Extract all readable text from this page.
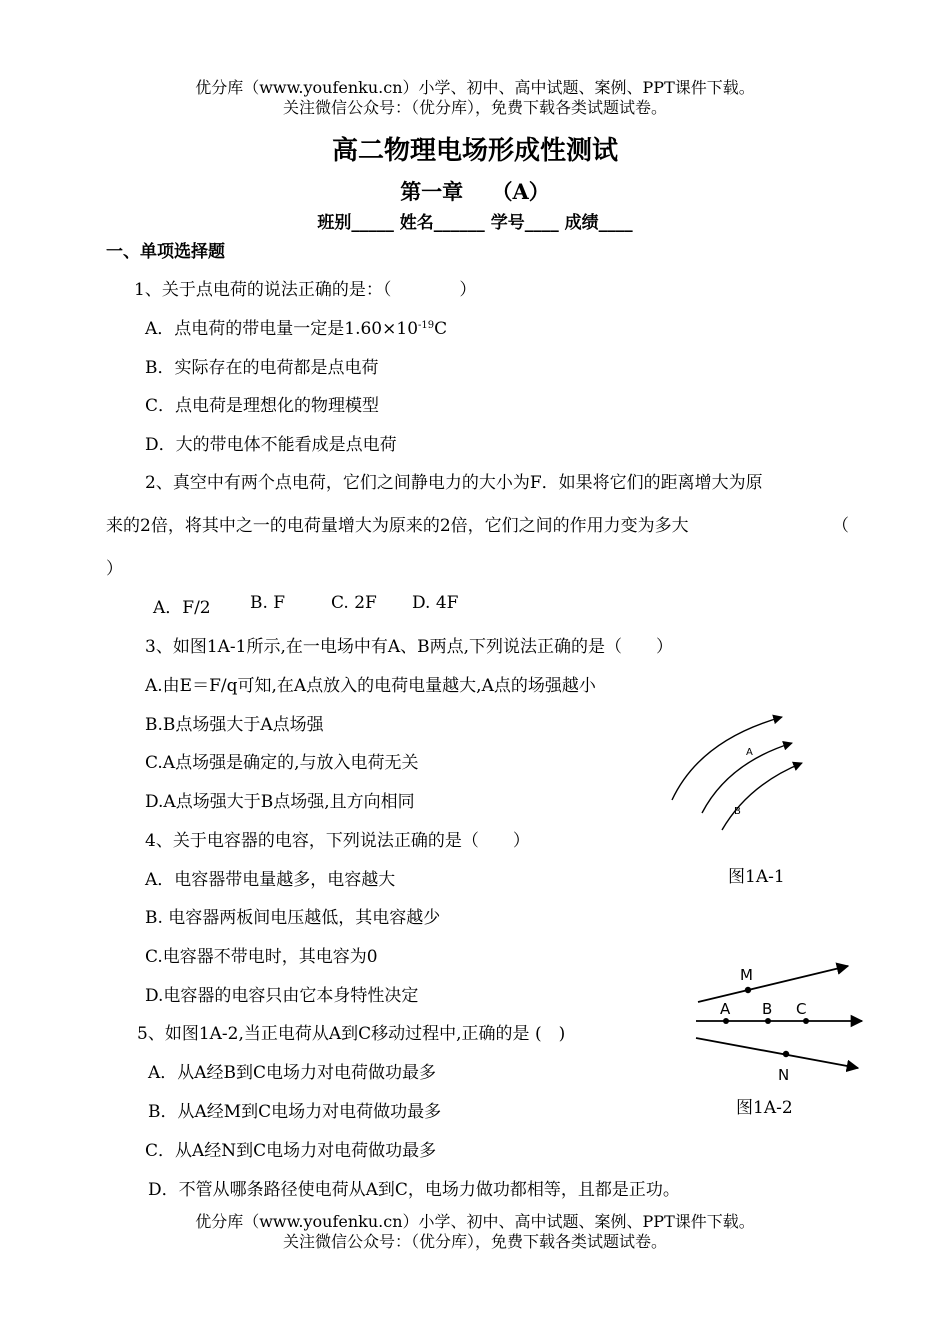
优分库（www.youfenku.cn）小学、初中、高中试题、案例、PPT课件下载。
关注微信公众号：（优分库），免费下载各类试题试卷。
高二物理电场形成性测试
第一章　 （A）
班别_____ 姓名______ 学号____ 成绩____
一、单项选择题
1、关于点电荷的说法正确的是：（　　　　）
A．点电荷的带电量一定是$1.60\times 10^{-19}C$
B．实际存在的电荷都是点电荷
C．点电荷是理想化的物理模型
D．大的带电体不能看成是点电荷
2、真空中有两个点电荷，它们之间静电力的大小为F．如果将它们的距离增大为原
来的2倍，将其中之一的电荷量增大为原来的2倍，它们之间的作用力变为多大	（
）
A．F/2 B. F	C. 2F D. 4F
3、如图1A-1所示,在一电场中有A、B两点,下列说法正确的是（　　）
A.由E＝F/q可知,在A点放入的电荷电量越大,A点的场强越小
B.B点场强大于A点场强
C.A点场强是确定的,与放入电荷无关
D.A点场强大于B点场强,且方向相同
A
B
图1A-1
4、关于电容器的电容，下列说法正确的是（　　）
A．电容器带电量越多，电容越大
B. 电容器两板间电压越低，其电容越少
C.电容器不带电时，其电容为0
D.电容器的电容只由它本身特性决定
M
A B C
N
图1A-2
5、如图1A-2,当正电荷从A到C移动过程中,正确的是 (　)
A．从A经B到C电场力对电荷做功最多
B．从A经M到C电场力对电荷做功最多
C．从A经N到C电场力对电荷做功最多
D．不管从哪条路径使电荷从A到C，电场力做功都相等，且都是正功。
优分库（www.youfenku.cn）小学、初中、高中试题、案例、PPT课件下载。
关注微信公众号：（优分库），免费下载各类试题试卷。
